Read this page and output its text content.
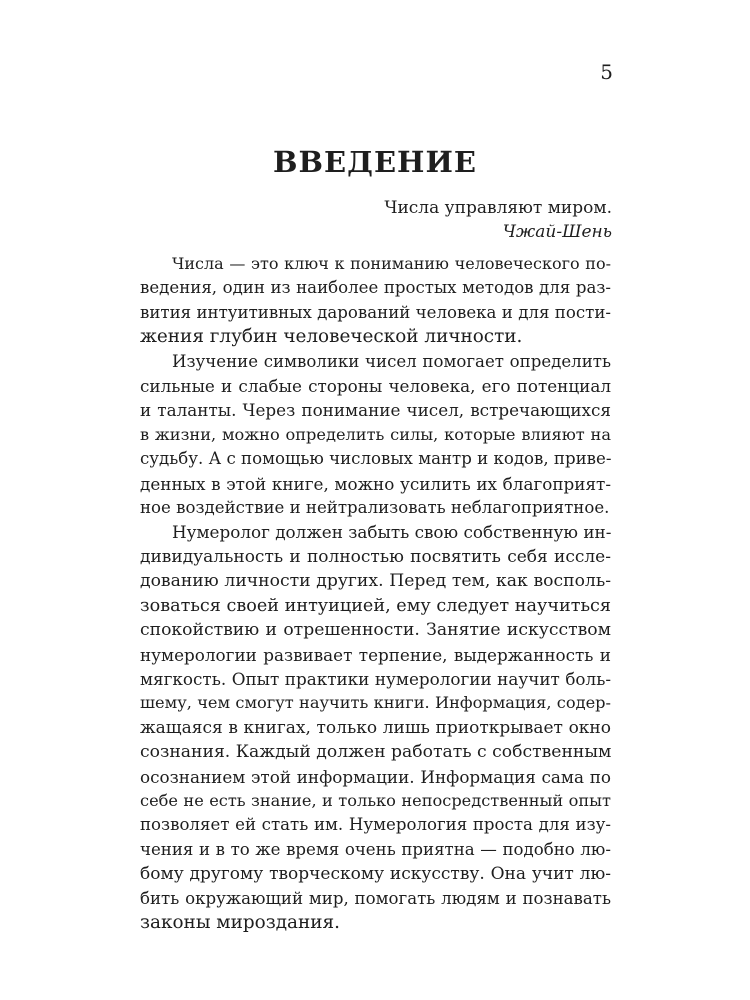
5
ВВЕДЕНИЕ

Числа управляют миром.

Чжай-Шень

Числа — это ключ к пониманию человеческого по-
ведения, один из наиболее простых методов для раз-
вития интуитивных дарований человека и для пости-
жения глубин человеческой личности.

Изучение символики чисел помогает определить
сильные и слабые стороны человека, его потенциал
и таланты. Через понимание чисел, встречающихся
в жизни, можно определить силы, которые влияют на
судьбу. А с помощью числовых мантр и кодов, приве-
денных в этой книге, можно усилить их благоприят-
ное воздействие и нейтрализовать неблагоприятное.

Нумеролог должен забыть свою собственную ин-
дивидуальность и полностью посвятить себя иссле-
дованию личности других. Перед тем, как восполь-
зоваться своей интуицией, ему следует научиться
спокойствию и отрешенности. Занятие искусством
нумерологии развивает терпение, выдержанность и
мягкость. Опыт практики нумерологии научит боль-
шему, чем смогут научить книги. Информация, содер-
жащаяся в книгах, только лишь приоткрывает окно
сознания. Каждый должен работать с собственным
осознанием этой информации. Информация сама по
себе не есть знание, и только непосредственный опыт
позволяет ей стать им. Нумерология проста для изу-
чения и в то же время очень приятна — подобно лю-
бому другому творческому искусству. Она учит лю-
бить окружающий мир, помогать людям и познавать
законы мироздания.
